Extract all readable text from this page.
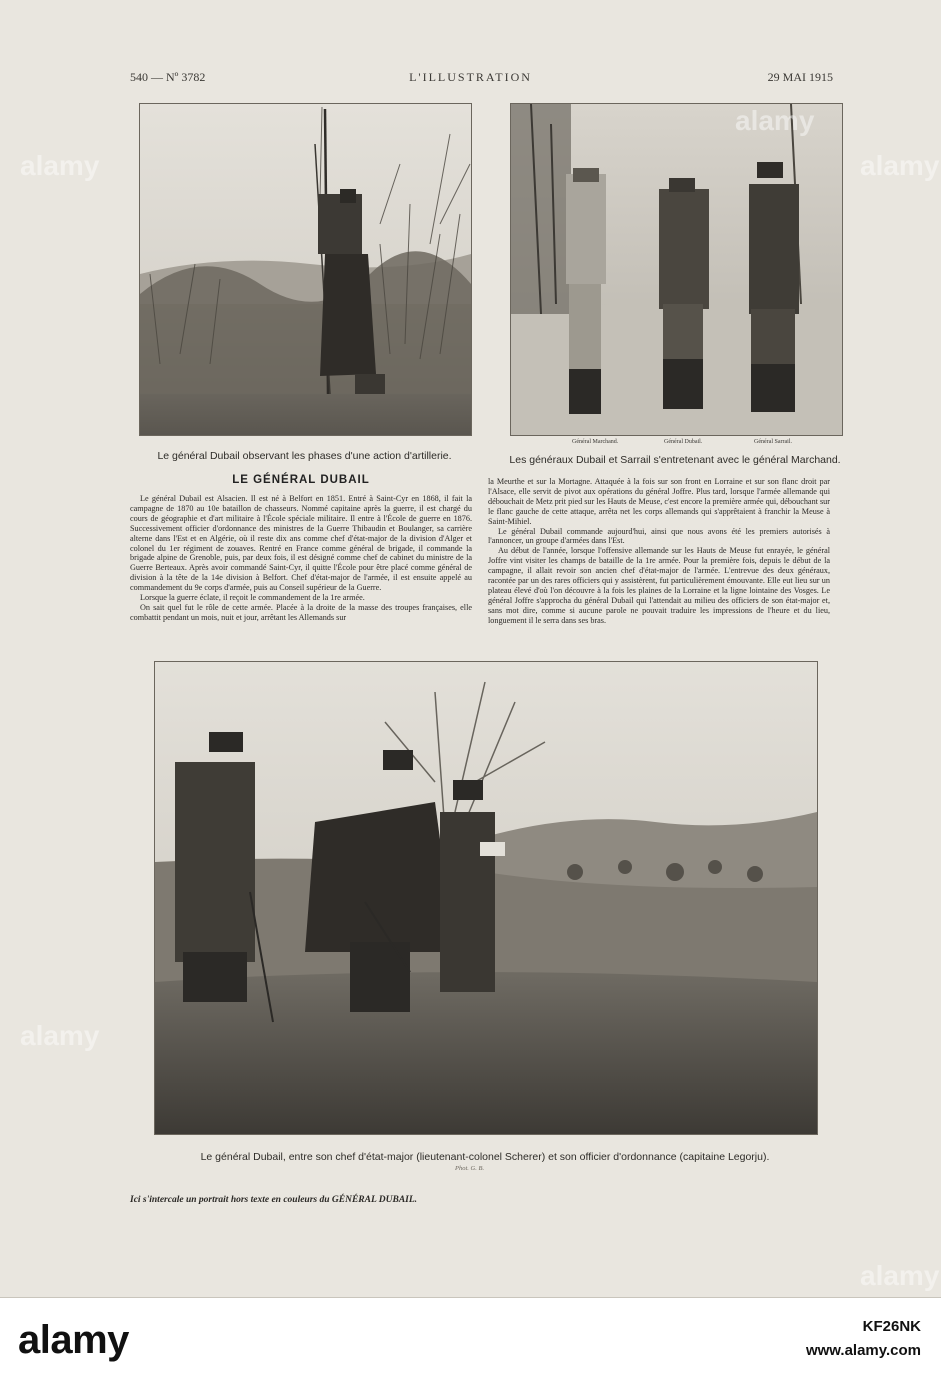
540 — Nº 3782	L'ILLUSTRATION	29 MAI 1915
Général Marchand.	Général Dubail.	Général Sarrail.
Le général Dubail observant les phases d'une action d'artillerie.	Les généraux Dubail et Sarrail s'entretenant avec le général Marchand.
LE GÉNÉRAL DUBAIL

Le général Dubail est Alsacien. Il est né à Belfort en 1851. Entré à Saint-Cyr en 1868, il fait la campagne de 1870 au 10e bataillon de chasseurs. Nommé capitaine après la guerre, il est chargé du cours de géographie et d'art militaire à l'École spéciale militaire. Il entre à l'École de guerre en 1876. Successivement officier d'ordonnance des ministres de la Guerre Thibaudin et Boulanger, sa carrière alterne dans l'Est et en Algérie, où il reste dix ans comme chef d'état-major de la division d'Alger et colonel du 1er régiment de zouaves. Rentré en France comme général de brigade, il commande la brigade alpine de Grenoble, puis, par deux fois, il est désigné comme chef de cabinet du ministre de la Guerre Berteaux. Après avoir commandé Saint-Cyr, il quitte l'École pour être placé comme général de division à la tête de la 14e division à Belfort. Chef d'état-major de l'armée, il est ensuite appelé au commandement du 9e corps d'armée, puis au Conseil supérieur de la Guerre.

Lorsque la guerre éclate, il reçoit le commandement de la 1re armée.

On sait quel fut le rôle de cette armée. Placée à la droite de la masse des troupes françaises, elle combattit pendant un mois, nuit et jour, arrêtant les Allemands sur

la Meurthe et sur la Mortagne. Attaquée à la fois sur son front en Lorraine et sur son flanc droit par l'Alsace, elle servit de pivot aux opérations du général Joffre. Plus tard, lorsque l'armée allemande qui débouchait de Metz prit pied sur les Hauts de Meuse, c'est encore la première armée qui, débouchant sur le flanc gauche de cette attaque, arrêta net les corps allemands qui s'apprêtaient à franchir la Meuse à Saint-Mihiel.

Le général Dubail commande aujourd'hui, ainsi que nous avons été les premiers autorisés à l'annoncer, un groupe d'armées dans l'Est.

Au début de l'année, lorsque l'offensive allemande sur les Hauts de Meuse fut enrayée, le général Joffre vint visiter les champs de bataille de la 1re armée. Pour la première fois, depuis le début de la campagne, il allait revoir son ancien chef d'état-major de l'armée. L'entrevue des deux généraux, racontée par un des rares officiers qui y assistèrent, fut particulièrement émouvante. Elle eut lieu sur un plateau élevé d'où l'on découvre à la fois les plaines de la Lorraine et la ligne lointaine des Vosges. Le général Joffre s'approcha du général Dubail qui l'attendait au milieu des officiers de son état-major et, sans mot dire, comme si aucune parole ne pouvait traduire les impressions de l'heure et du lieu, longuement il le serra dans ses bras.

Le général Dubail, entre son chef d'état-major (lieutenant-colonel Scherer) et son officier d'ordonnance (capitaine Legorju).
Phot. G. B.
Ici s'intercale un portrait hors texte en couleurs du GÉNÉRAL DUBAIL.
alamy	alamy
alamy
alamy
alamy
alamy	KF26NK
www.alamy.com
